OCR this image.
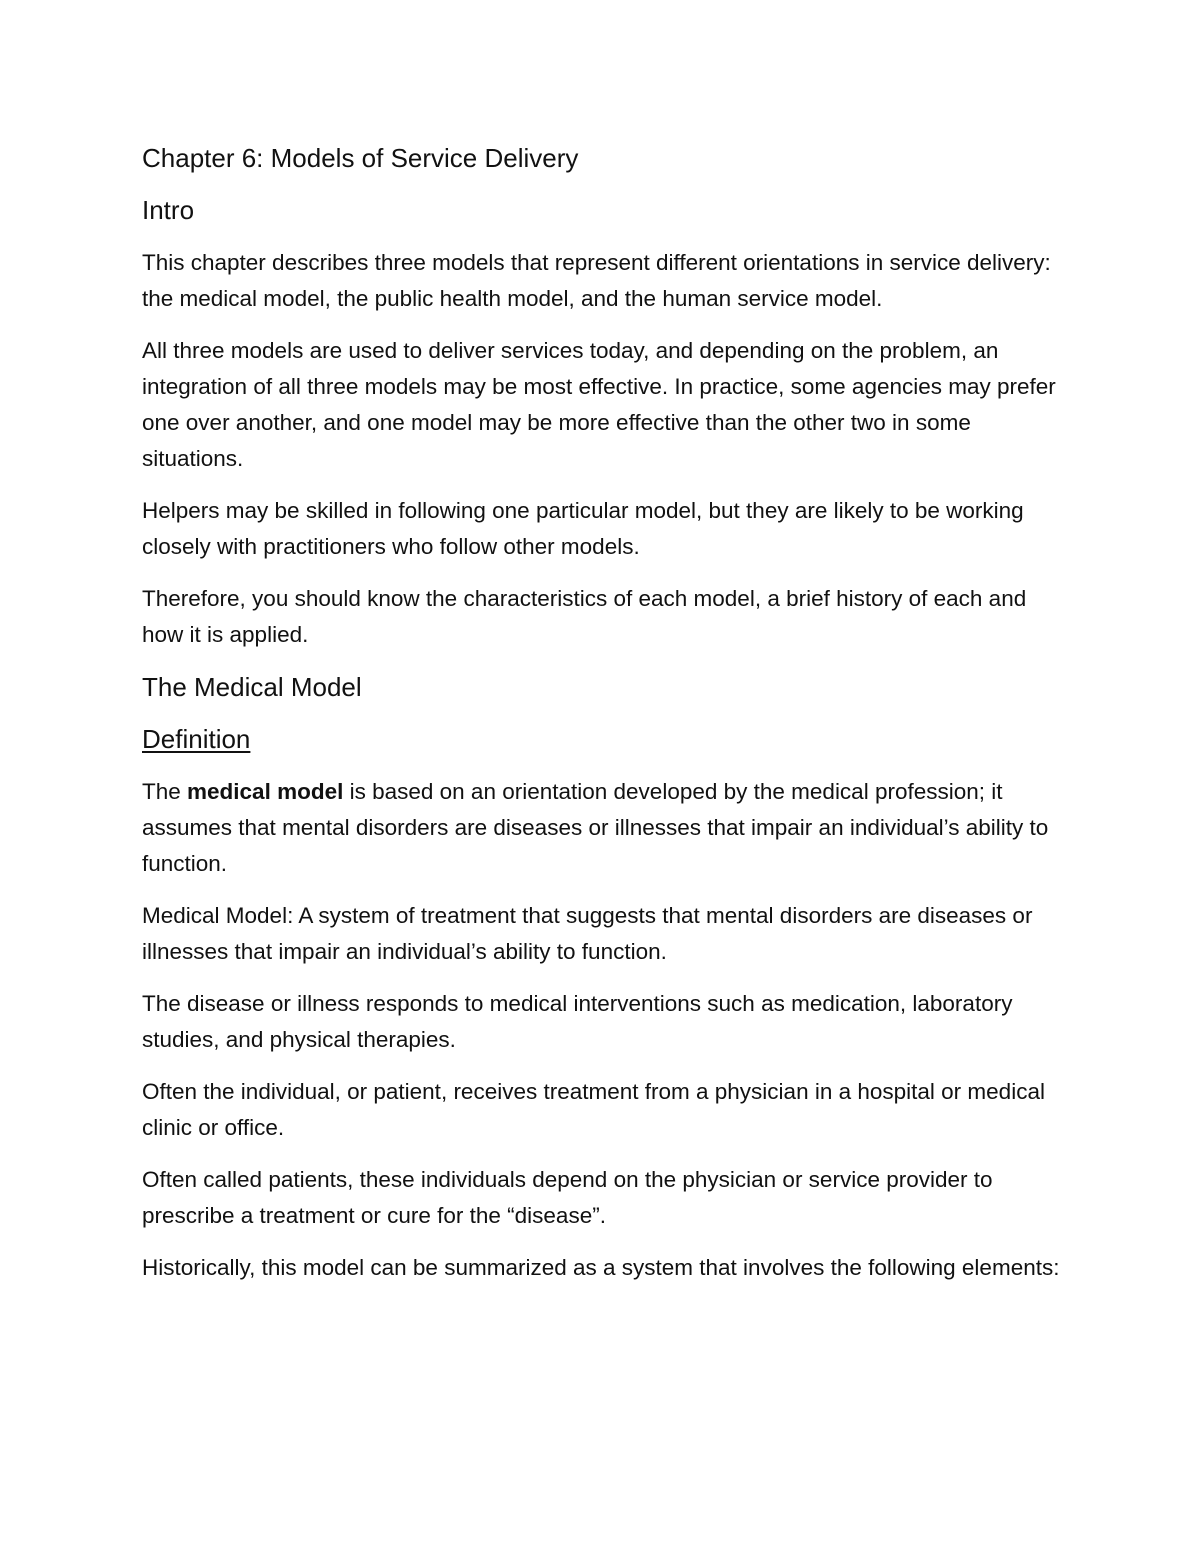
Chapter 6: Models of Service Delivery
Intro

This chapter describes three models that represent different orientations in service delivery: the medical model, the public health model, and the human service model.

All three models are used to deliver services today, and depending on the problem, an integration of all three models may be most effective. In practice, some agencies may prefer one over another, and one model may be more effective than the other two in some situations.

Helpers may be skilled in following one particular model, but they are likely to be working closely with practitioners who follow other models.

Therefore, you should know the characteristics of each model, a brief history of each and how it is applied.

The Medical Model
Definition

The medical model is based on an orientation developed by the medical profession; it assumes that mental disorders are diseases or illnesses that impair an individual’s ability to function.

Medical Model: A system of treatment that suggests that mental disorders are diseases or illnesses that impair an individual’s ability to function.

The disease or illness responds to medical interventions such as medication, laboratory studies, and physical therapies.

Often the individual, or patient, receives treatment from a physician in a hospital or medical clinic or office.

Often called patients, these individuals depend on the physician or service provider to prescribe a treatment or cure for the “disease”.

Historically, this model can be summarized as a system that involves the following elements:
